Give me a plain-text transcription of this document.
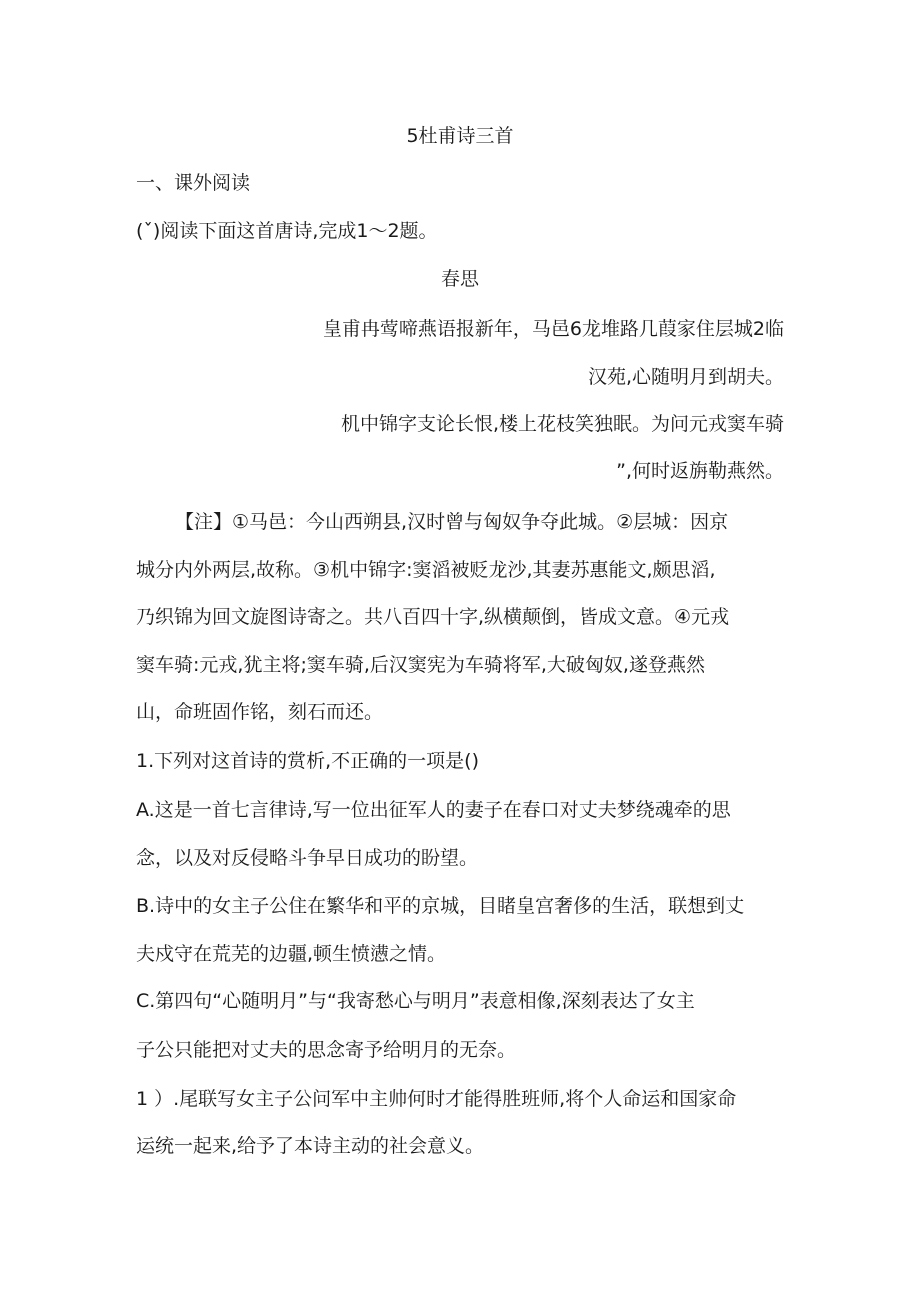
5杜甫诗三首
一、课外阅读
(ˇ)阅读下面这首唐诗,完成1～2题。
春思
皇甫冉莺啼燕语报新年，马邑6龙堆路几葭家住层城2临
汉苑,心随明月到胡夫。
机中锦字支论长恨,楼上花枝笑独眠。为问元戎窦车骑
”,何时返旃勒燕然。
【注】①马邑：今山西朔县,汉时曾与匈奴争夺此城。②层城：因京
城分内外两层,故称。③机中锦字:窦滔被贬龙沙,其妻苏惠能文,颇思滔,
乃织锦为回文旋图诗寄之。共八百四十字,纵横颠倒，皆成文意。④元戎
窦车骑:元戎,犹主将;窦车骑,后汉窦宪为车骑将军,大破匈奴,遂登燕然
山，命班固作铭，刻石而还。
1.下列对这首诗的赏析,不正确的一项是()
A.这是一首七言律诗,写一位出征军人的妻子在春口对丈夫梦绕魂牵的思
念，以及对反侵略斗争早日成功的盼望。
B.诗中的女主子公住在繁华和平的京城，目睹皇宫奢侈的生活，联想到丈
夫戍守在荒芜的边疆,顿生愤懑之情。
C.第四句“心随明月”与“我寄愁心与明月”表意相像,深刻表达了女主
子公只能把对丈夫的思念寄予给明月的无奈。
1 ）.尾联写女主子公问军中主帅何时才能得胜班师,将个人命运和国家命
运统一起来,给予了本诗主动的社会意义。
